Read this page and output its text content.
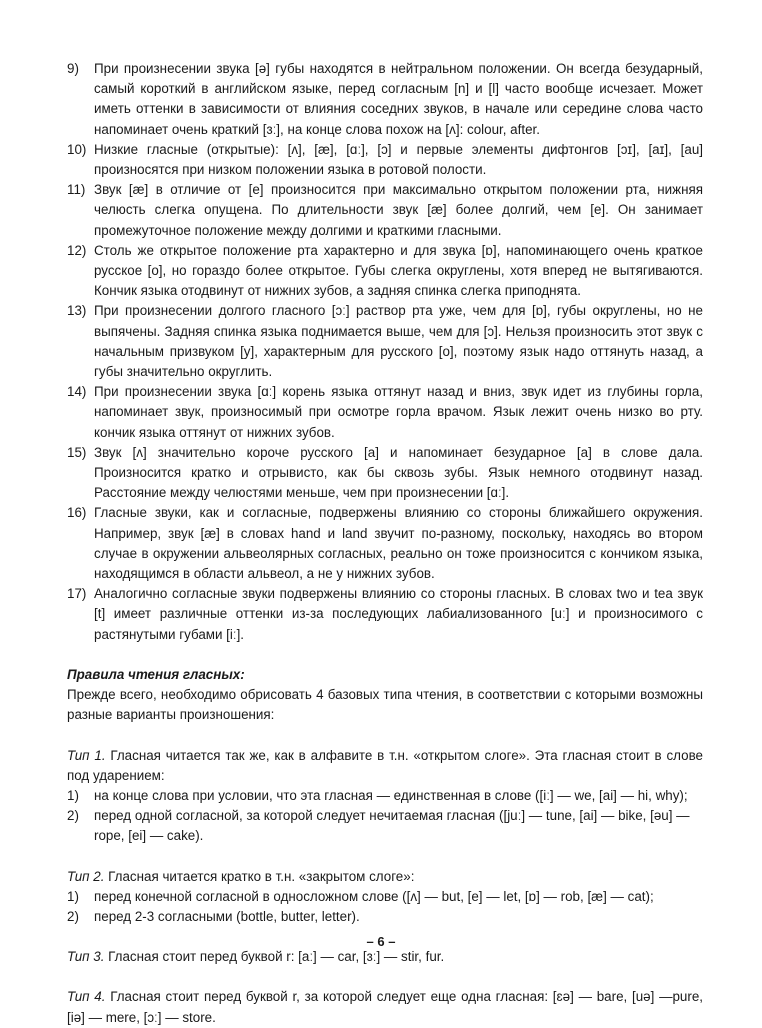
9) При произнесении звука [ə] губы находятся в нейтральном положении. Он всегда безударный, самый короткий в английском языке, перед согласным [n] и [l] часто вообще исчезает. Может иметь оттенки в зависимости от влияния соседних звуков, в начале или середине слова часто напоминает очень краткий [ɜː], на конце слова похож на [ʌ]: colour, after.
10) Низкие гласные (открытые): [ʌ], [æ], [ɑː], [ɔ] и первые элементы дифтонгов [ɔɪ], [aɪ], [au] произносятся при низком положении языка в ротовой полости.
11) Звук [æ] в отличие от [e] произносится при максимально открытом положении рта, нижняя челюсть слегка опущена. По длительности звук [æ] более долгий, чем [e]. Он занимает промежуточное положение между долгими и краткими гласными.
12) Столь же открытое положение рта характерно и для звука [ɒ], напоминающего очень краткое русское [о], но гораздо более открытое. Губы слегка округлены, хотя вперед не вытягиваются. Кончик языка отодвинут от нижних зубов, а задняя спинка слегка приподнята.
13) При произнесении долгого гласного [ɔː] раствор рта уже, чем для [ɒ], губы округлены, но не выпячены. Задняя спинка языка поднимается выше, чем для [ɔ]. Нельзя произносить этот звук с начальным призвуком [у], характерным для русского [о], поэтому язык надо оттянуть назад, а губы значительно округлить.
14) При произнесении звука [ɑː] корень языка оттянут назад и вниз, звук идет из глубины горла, напоминает звук, произносимый при осмотре горла врачом. Язык лежит очень низко во рту. кончик языка оттянут от нижних зубов.
15) Звук [ʌ] значительно короче русского [а] и напоминает безударное [а] в слове дала. Произносится кратко и отрывисто, как бы сквозь зубы. Язык немного отодвинут назад. Расстояние между челюстями меньше, чем при произнесении [ɑː].
16) Гласные звуки, как и согласные, подвержены влиянию со стороны ближайшего окружения. Например, звук [æ] в словах hand и land звучит по-разному, поскольку, находясь во втором случае в окружении альвеолярных согласных, реально он тоже произносится с кончиком языка, находящимся в области альвеол, а не у нижних зубов.
17) Аналогично согласные звуки подвержены влиянию со стороны гласных. В словах two и tea звук [t] имеет различные оттенки из-за последующих лабиализованного [uː] и произносимого с растянутыми губами [iː].
Правила чтения гласных:

Прежде всего, необходимо обрисовать 4 базовых типа чтения, в соответствии с которыми возможны разные варианты произношения:

Тип 1. Гласная читается так же, как в алфавите в т.н. «открытом слоге». Эта гласная стоит в слове под ударением:

1) на конце слова при условии, что эта гласная — единственная в слове ([iː] — we, [ai] — hi, why);
2) перед одной согласной, за которой следует нечитаемая гласная ([juː] — tune, [ai] — bike, [əu] — rope, [ei] — cake).

Тип 2. Гласная читается кратко в т.н. «закрытом слоге»:

1) перед конечной согласной в односложном слове ([ʌ] — but, [e] — let, [ɒ] — rob, [æ] — cat);
2) перед 2-3 согласными (bottle, butter, letter).

Тип 3. Гласная стоит перед буквой r: [aː] — car, [ɜː] — stir, fur.

Тип 4. Гласная стоит перед буквой r, за которой следует еще одна гласная: [ɛə] — bare, [uə] —pure, [iə] — mere, [ɔː] — store.

– 6 –
